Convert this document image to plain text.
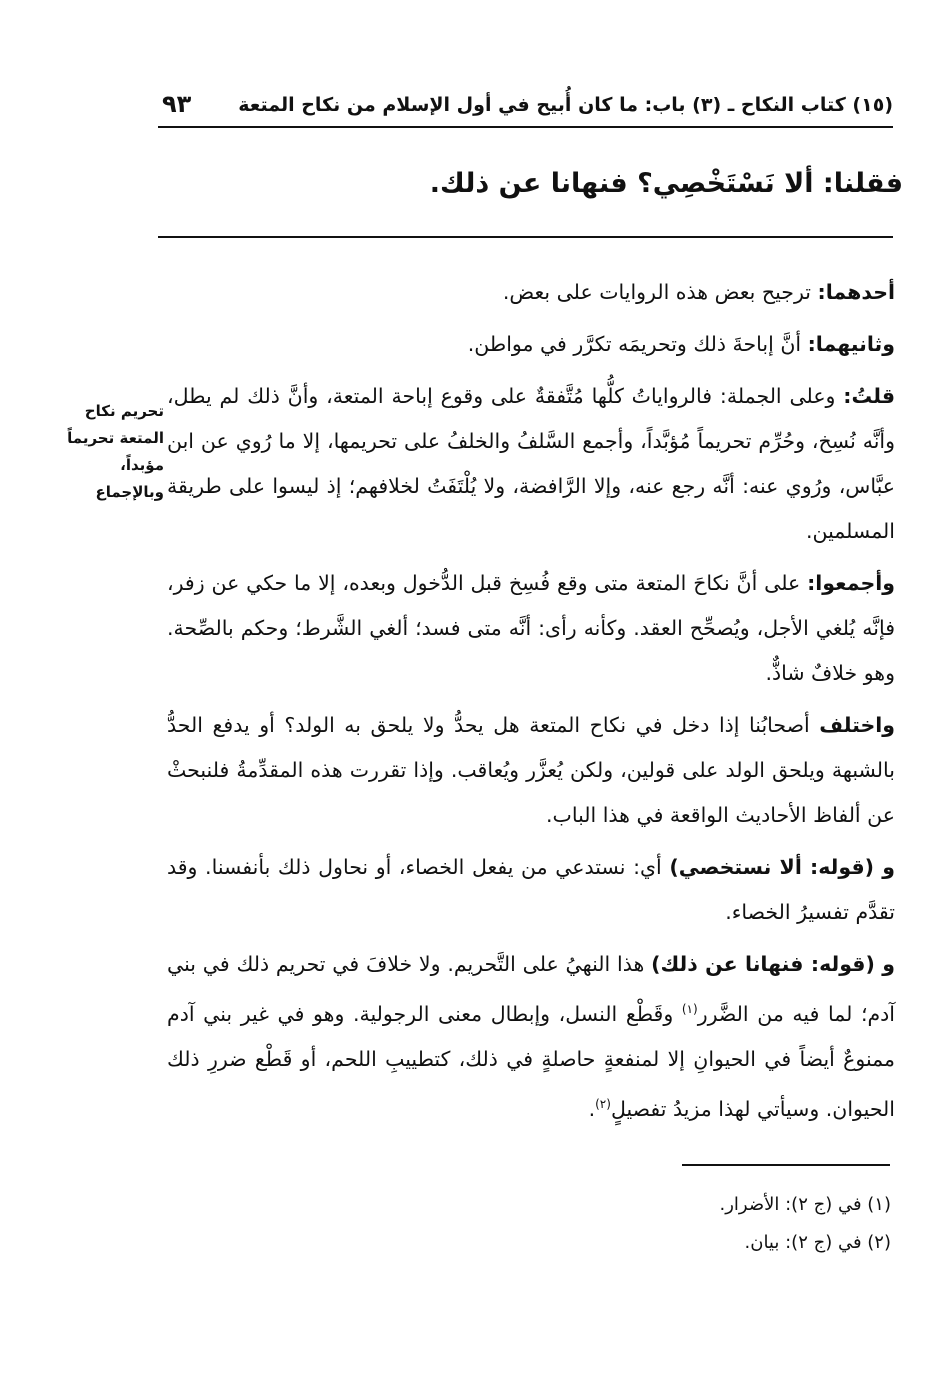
(١٥) كتاب النكاح ـ (٣) باب: ما كان أُبيح في أول الإسلام من نكاح المتعة
٩٣
فقلنا: ألا نَسْتَخْصِي؟ فنهانا عن ذلك.

أحدهما: ترجيح بعض هذه الروايات على بعض.

وثانيهما: أنَّ إباحةَ ذلك وتحريمَه تكرَّر في مواطن.

قلتُ: وعلى الجملة: فالرواياتُ كلُّها مُتَّفقةٌ على وقوع إباحة المتعة، وأنَّ ذلك لم يطل، وأنَّه نُسِخ، وحُرِّم تحريماً مُؤبَّداً، وأجمع السَّلفُ والخلفُ على تحريمها، إلا ما رُوي عن ابن عبَّاس، ورُوي عنه: أنَّه رجع عنه، وإلا الرَّافضة، ولا يُلْتَفَتُ لخلافهم؛ إذ ليسوا على طريقة المسلمين.

وأجمعوا: على أنَّ نكاحَ المتعة متى وقع فُسِخ قبل الدُّخول وبعده، إلا ما حكي عن زفر، فإنَّه يُلغي الأجل، ويُصحِّح العقد. وكأنه رأى: أنَّه متى فسد؛ ألغي الشَّرط؛ وحكم بالصِّحة. وهو خلافٌ شاذٌّ.

واختلف أصحابُنا إذا دخل في نكاح المتعة هل يحدُّ ولا يلحق به الولد؟ أو يدفع الحدُّ بالشبهة ويلحق الولد على قولين، ولكن يُعزَّر ويُعاقب. وإذا تقررت هذه المقدِّمةُ فلنبحثْ عن ألفاظ الأحاديث الواقعة في هذا الباب.

و (قوله: ألا نستخصي) أي: نستدعي من يفعل الخصاء، أو نحاول ذلك بأنفسنا. وقد تقدَّم تفسيرُ الخصاء.

و (قوله: فنهانا عن ذلك) هذا النهيُ على التَّحريم. ولا خلافَ في تحريم ذلك في بني آدم؛ لما فيه من الضَّرر$^{(١)}$ وقَطْع النسل، وإبطال معنى الرجولية. وهو في غير بني آدم ممنوعٌ أيضاً في الحيوانِ إلا لمنفعةٍ حاصلةٍ في ذلك، كتطييبِ اللحم، أو قَطْع ضررِ ذلك الحيوان. وسيأتي لهذا مزيدُ تفصيلٍ$^{(٢)}$.

تحريم نكاح المتعة تحريماً مؤبداً، وبالإجماع
(١) في (ج ٢): الأضرار.
(٢) في (ج ٢): بيان.
